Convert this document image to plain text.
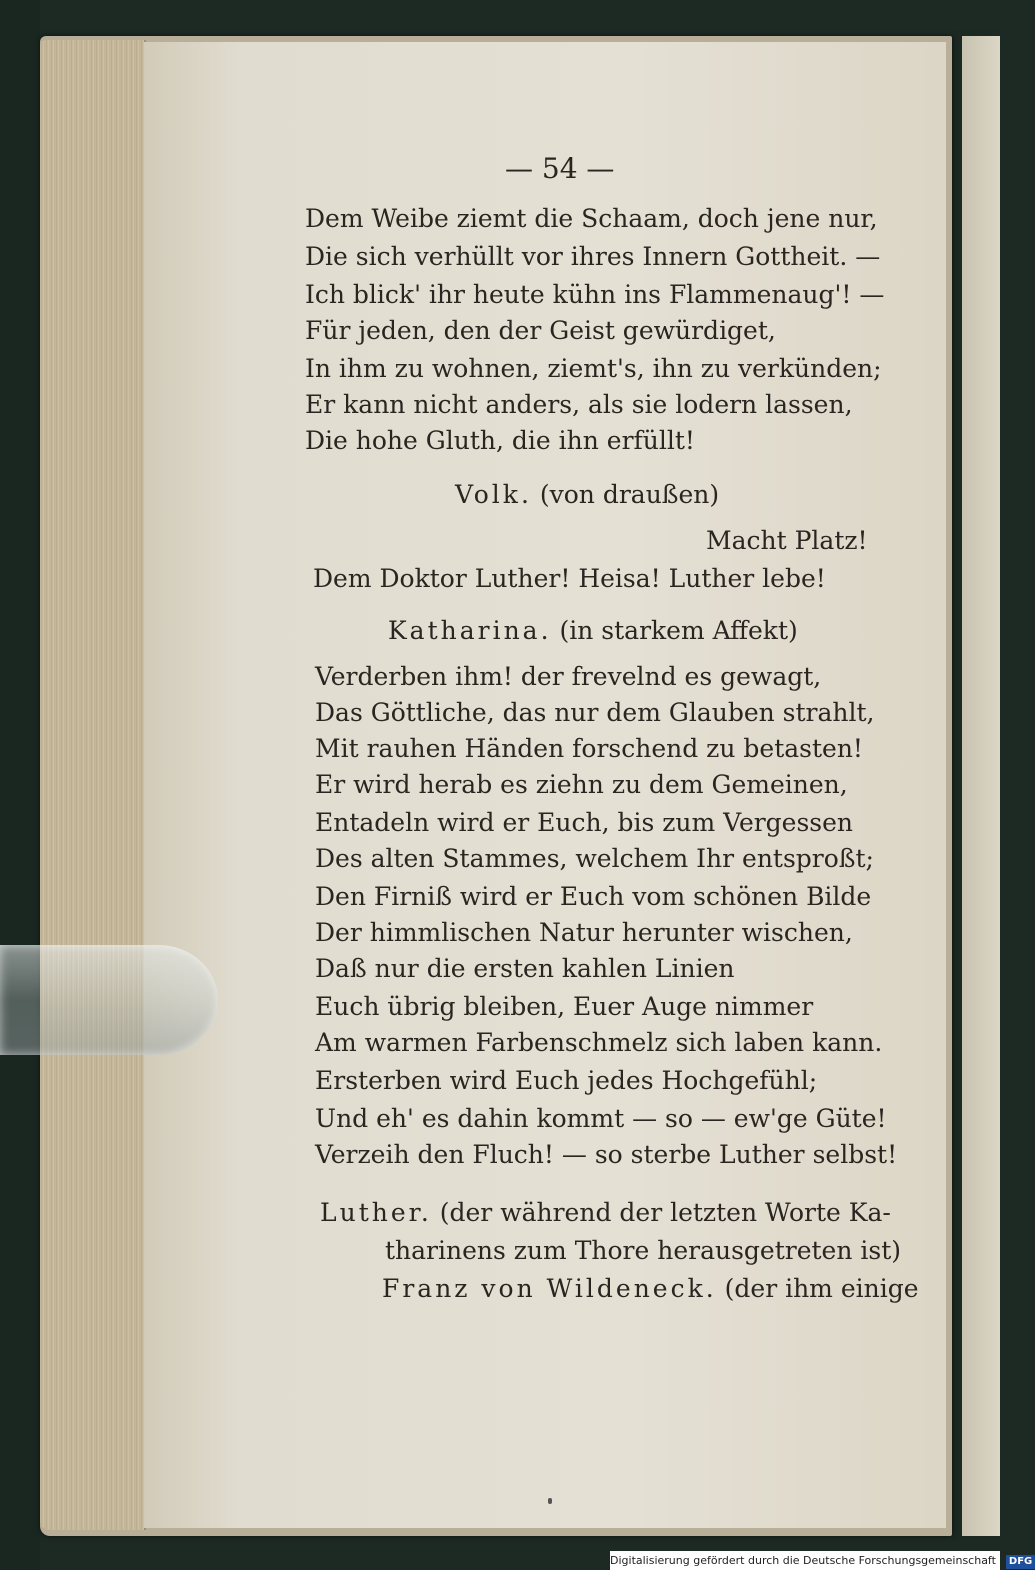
— 54 —
Dem Weibe ziemt die Schaam, doch jene nur,
Die sich verhüllt vor ihres Innern Gottheit. —
Ich blick' ihr heute kühn ins Flammenaug'! —
Für jeden, den der Geist gewürdiget,
In ihm zu wohnen, ziemt's, ihn zu verkünden;
Er kann nicht anders, als sie lodern lassen,
Die hohe Gluth, die ihn erfüllt!
Volk. (von draußen)
Macht Platz!
Dem Doktor Luther! Heisa! Luther lebe!
Katharina. (in starkem Affekt)
Verderben ihm! der frevelnd es gewagt,
Das Göttliche, das nur dem Glauben strahlt,
Mit rauhen Händen forschend zu betasten!
Er wird herab es ziehn zu dem Gemeinen,
Entadeln wird er Euch, bis zum Vergessen
Des alten Stammes, welchem Ihr entsproßt;
Den Firniß wird er Euch vom schönen Bilde
Der himmlischen Natur herunter wischen,
Daß nur die ersten kahlen Linien
Euch übrig bleiben, Euer Auge nimmer
Am warmen Farbenschmelz sich laben kann.
Ersterben wird Euch jedes Hochgefühl;
Und eh' es dahin kommt — so — ew'ge Güte!
Verzeih den Fluch! — so sterbe Luther selbst!
Luther. (der während der letzten Worte Ka-
tharinens zum Thore herausgetreten ist)
Franz von Wildeneck. (der ihm einige
Digitalisierung gefördert durch die Deutsche Forschungsgemeinschaft · DFG
